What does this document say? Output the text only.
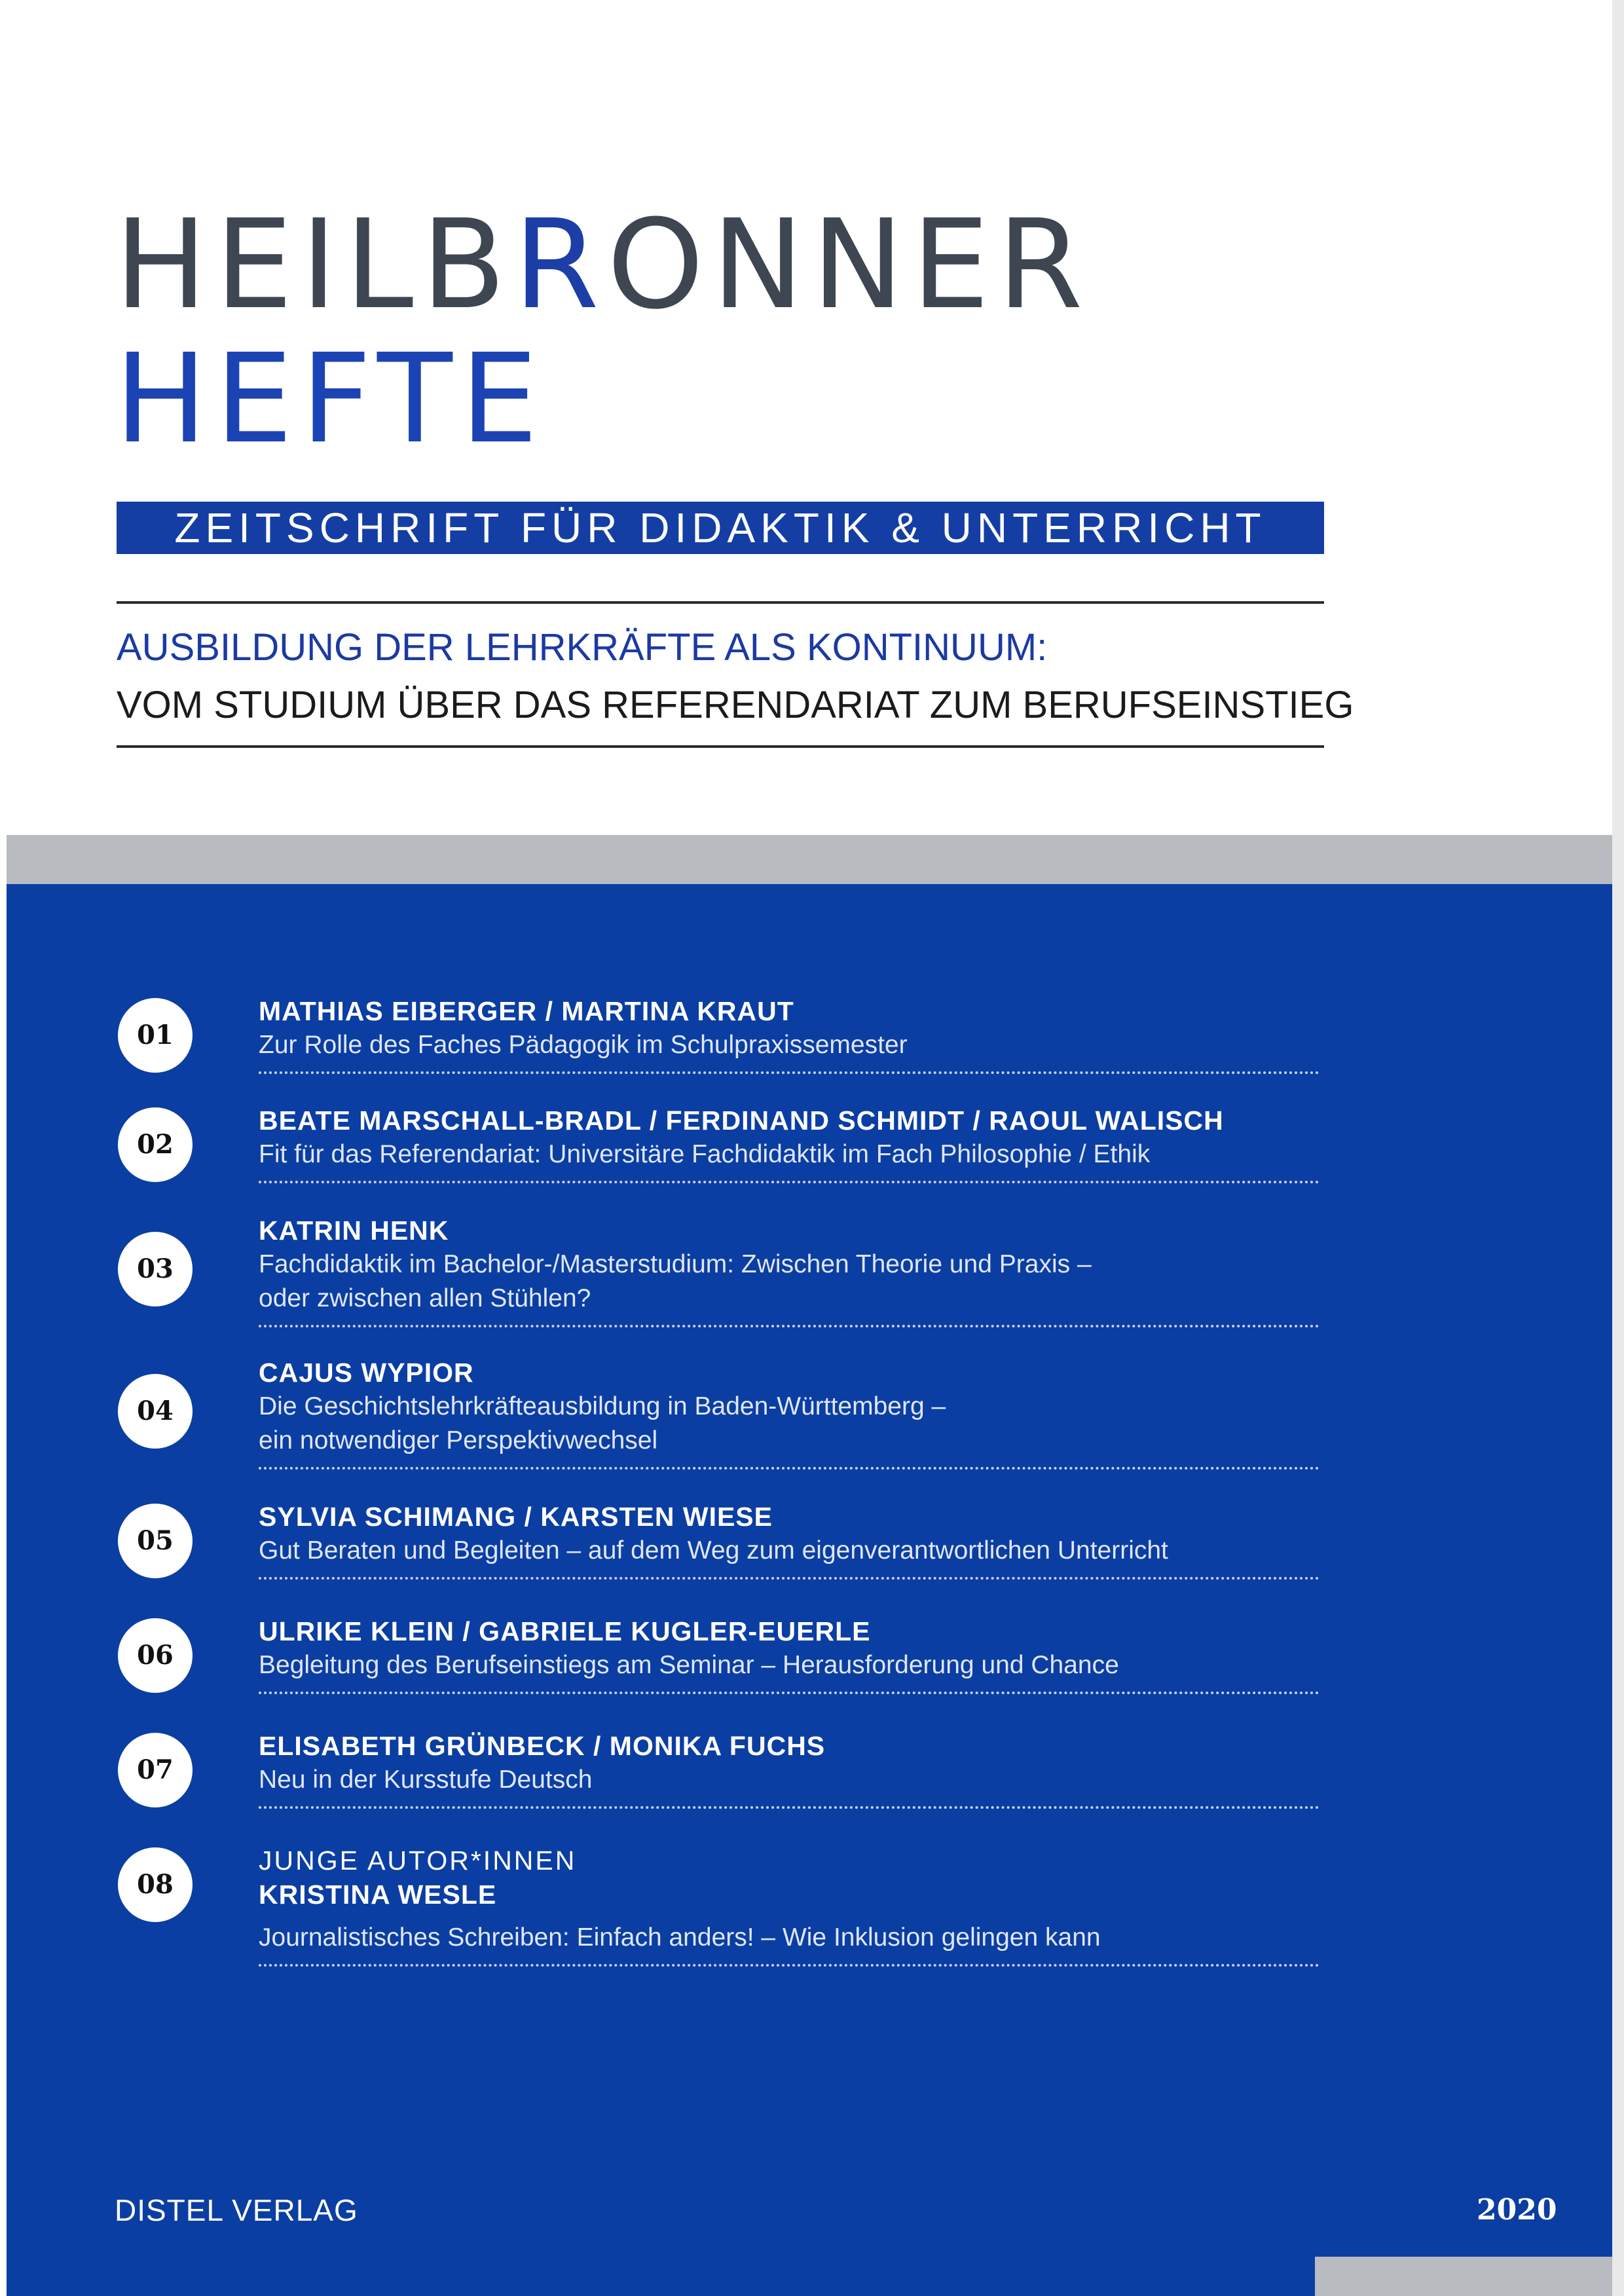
HEILBRONNER
HEFTE
ZEITSCHRIFT FÜR DIDAKTIK & UNTERRICHT
AUSBILDUNG DER LEHRKRÄFTE ALS KONTINUUM:
VOM STUDIUM ÜBER DAS REFERENDARIAT ZUM BERUFSEINSTIEG
01
MATHIAS EIBERGER / MARTINA KRAUT
Zur Rolle des Faches Pädagogik im Schulpraxissemester
02
BEATE MARSCHALL-BRADL / FERDINAND SCHMIDT / RAOUL WALISCH
Fit für das Referendariat: Universitäre Fachdidaktik im Fach Philosophie / Ethik
03
KATRIN HENK
Fachdidaktik im Bachelor-/Masterstudium: Zwischen Theorie und Praxis –
oder zwischen allen Stühlen?
04
CAJUS WYPIOR
Die Geschichtslehrkräfteausbildung in Baden-Württemberg –
ein notwendiger Perspektivwechsel
05
SYLVIA SCHIMANG / KARSTEN WIESE
Gut Beraten und Begleiten – auf dem Weg zum eigenverantwortlichen Unterricht
06
ULRIKE KLEIN / GABRIELE KUGLER-EUERLE
Begleitung des Berufseinstiegs am Seminar – Herausforderung und Chance
07
ELISABETH GRÜNBECK / MONIKA FUCHS
Neu in der Kursstufe Deutsch
08
JUNGE AUTOR*INNEN
KRISTINA WESLE
Journalistisches Schreiben: Einfach anders! – Wie Inklusion gelingen kann
DISTEL VERLAG	2020
